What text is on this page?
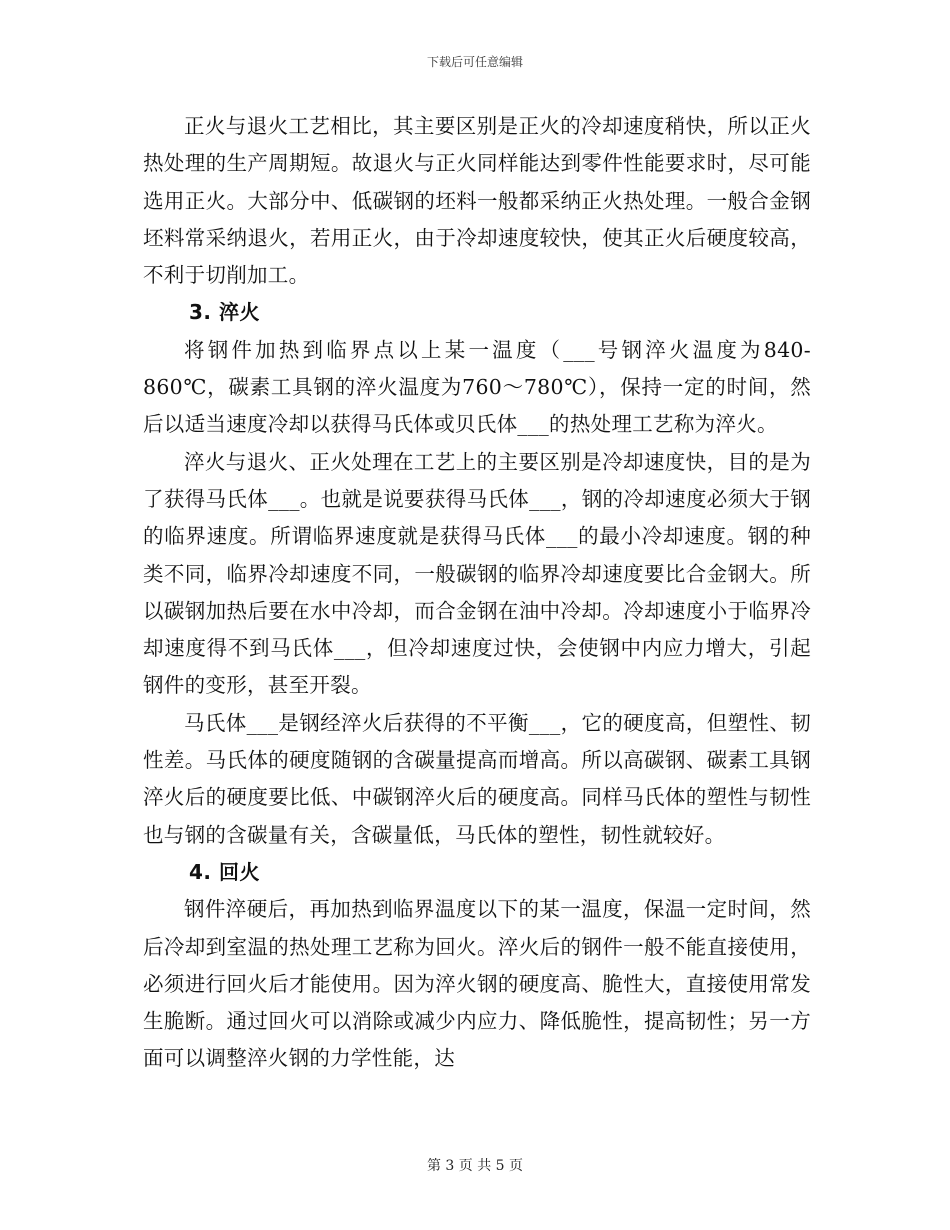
下载后可任意编辑

正火与退火工艺相比，其主要区别是正火的冷却速度稍快，所以正火热处理的生产周期短。故退火与正火同样能达到零件性能要求时，尽可能选用正火。大部分中、低碳钢的坯料一般都采纳正火热处理。一般合金钢坯料常采纳退火，若用正火，由于冷却速度较快，使其正火后硬度较高，不利于切削加工。

3. 淬火

将钢件加热到临界点以上某一温度（___号钢淬火温度为840-860℃，碳素工具钢的淬火温度为760～780℃），保持一定的时间，然后以适当速度冷却以获得马氏体或贝氏体___的热处理工艺称为淬火。

淬火与退火、正火处理在工艺上的主要区别是冷却速度快，目的是为了获得马氏体___。也就是说要获得马氏体___，钢的冷却速度必须大于钢的临界速度。所谓临界速度就是获得马氏体___的最小冷却速度。钢的种类不同，临界冷却速度不同，一般碳钢的临界冷却速度要比合金钢大。所以碳钢加热后要在水中冷却，而合金钢在油中冷却。冷却速度小于临界冷却速度得不到马氏体___，但冷却速度过快，会使钢中内应力增大，引起钢件的变形，甚至开裂。

马氏体___是钢经淬火后获得的不平衡___，它的硬度高，但塑性、韧性差。马氏体的硬度随钢的含碳量提高而增高。所以高碳钢、碳素工具钢淬火后的硬度要比低、中碳钢淬火后的硬度高。同样马氏体的塑性与韧性也与钢的含碳量有关，含碳量低，马氏体的塑性，韧性就较好。

4. 回火

钢件淬硬后，再加热到临界温度以下的某一温度，保温一定时间，然后冷却到室温的热处理工艺称为回火。淬火后的钢件一般不能直接使用，必须进行回火后才能使用。因为淬火钢的硬度高、脆性大，直接使用常发生脆断。通过回火可以消除或减少内应力、降低脆性，提高韧性；另一方面可以调整淬火钢的力学性能，达

第 3 页 共 5 页
